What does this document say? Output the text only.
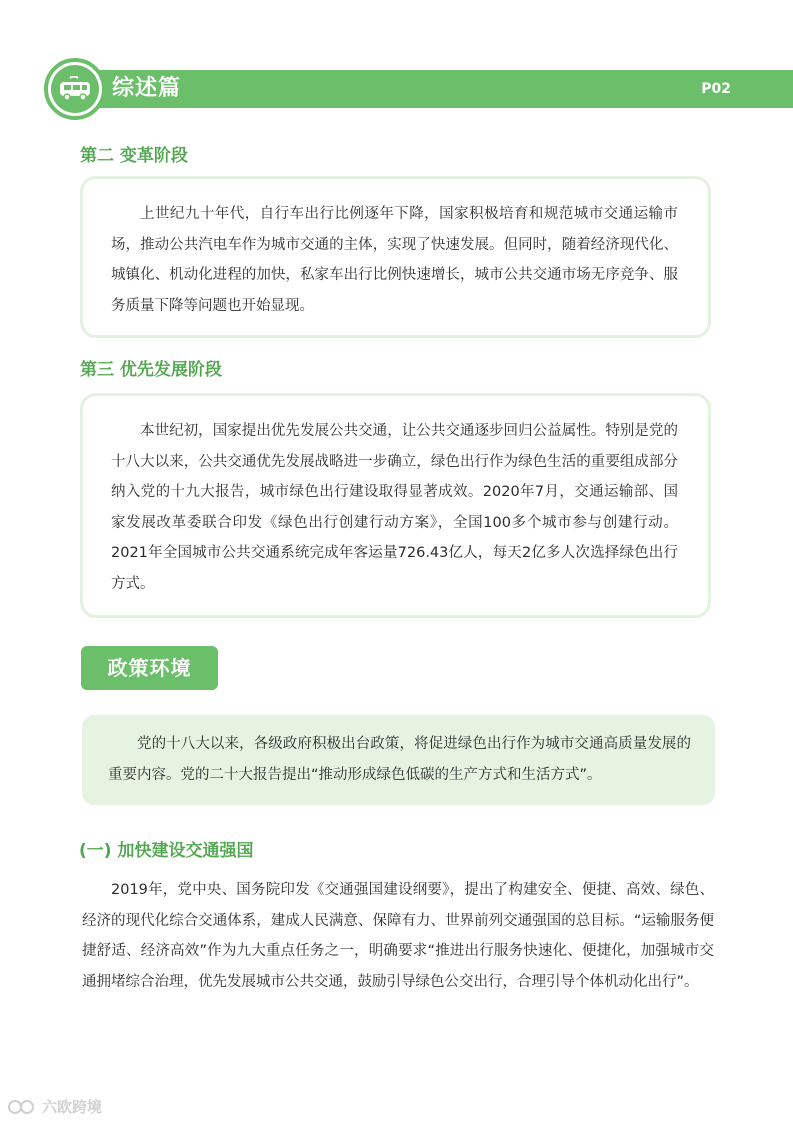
综述篇	P02
第二 变革阶段

上世纪九十年代，自行车出行比例逐年下降，国家积极培育和规范城市交通运输市场，推动公共汽电车作为城市交通的主体，实现了快速发展。但同时，随着经济现代化、城镇化、机动化进程的加快，私家车出行比例快速增长，城市公共交通市场无序竞争、服务质量下降等问题也开始显现。

第三 优先发展阶段

本世纪初，国家提出优先发展公共交通，让公共交通逐步回归公益属性。特别是党的十八大以来，公共交通优先发展战略进一步确立，绿色出行作为绿色生活的重要组成部分纳入党的十九大报告，城市绿色出行建设取得显著成效。2020年7月，交通运输部、国家发展改革委联合印发《绿色出行创建行动方案》，全国100多个城市参与创建行动。2021年全国城市公共交通系统完成年客运量726.43亿人，每天2亿多人次选择绿色出行方式。

政策环境

党的十八大以来，各级政府积极出台政策，将促进绿色出行作为城市交通高质量发展的重要内容。党的二十大报告提出“推动形成绿色低碳的生产方式和生活方式”。

(一) 加快建设交通强国

2019年，党中央、国务院印发《交通强国建设纲要》，提出了构建安全、便捷、高效、绿色、经济的现代化综合交通体系，建成人民满意、保障有力、世界前列交通强国的总目标。“运输服务便捷舒适、经济高效”作为九大重点任务之一，明确要求“推进出行服务快速化、便捷化，加强城市交通拥堵综合治理，优先发展城市公共交通，鼓励引导绿色公交出行，合理引导个体机动化出行”。

六欧跨境
